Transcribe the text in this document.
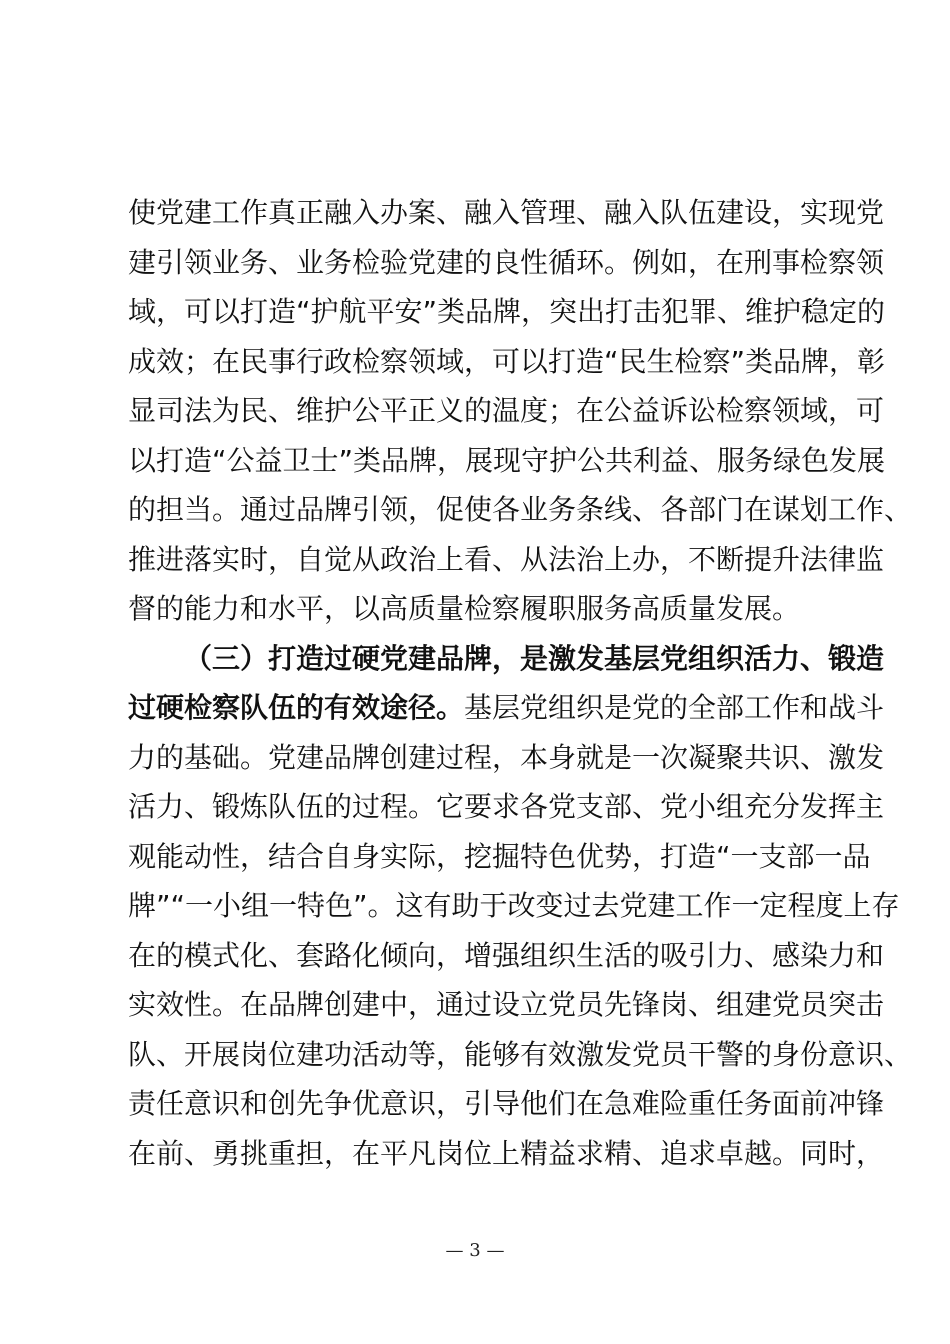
使党建工作真正融入办案、融入管理、融入队伍建设，实现党
建引领业务、业务检验党建的良性循环。例如，在刑事检察领
域，可以打造“护航平安”类品牌，突出打击犯罪、维护稳定的
成效；在民事行政检察领域，可以打造“民生检察”类品牌，彰
显司法为民、维护公平正义的温度；在公益诉讼检察领域，可
以打造“公益卫士”类品牌，展现守护公共利益、服务绿色发展
的担当。通过品牌引领，促使各业务条线、各部门在谋划工作、
推进落实时，自觉从政治上看、从法治上办，不断提升法律监
督的能力和水平，以高质量检察履职服务高质量发展。
（三）打造过硬党建品牌，是激发基层党组织活力、锻造
过硬检察队伍的有效途径。基层党组织是党的全部工作和战斗
力的基础。党建品牌创建过程，本身就是一次凝聚共识、激发
活力、锻炼队伍的过程。它要求各党支部、党小组充分发挥主
观能动性，结合自身实际，挖掘特色优势，打造“一支部一品
牌”“一小组一特色”。这有助于改变过去党建工作一定程度上存
在的模式化、套路化倾向，增强组织生活的吸引力、感染力和
实效性。在品牌创建中，通过设立党员先锋岗、组建党员突击
队、开展岗位建功活动等，能够有效激发党员干警的身份意识、
责任意识和创先争优意识，引导他们在急难险重任务面前冲锋
在前、勇挑重担，在平凡岗位上精益求精、追求卓越。同时，
— 3 —
